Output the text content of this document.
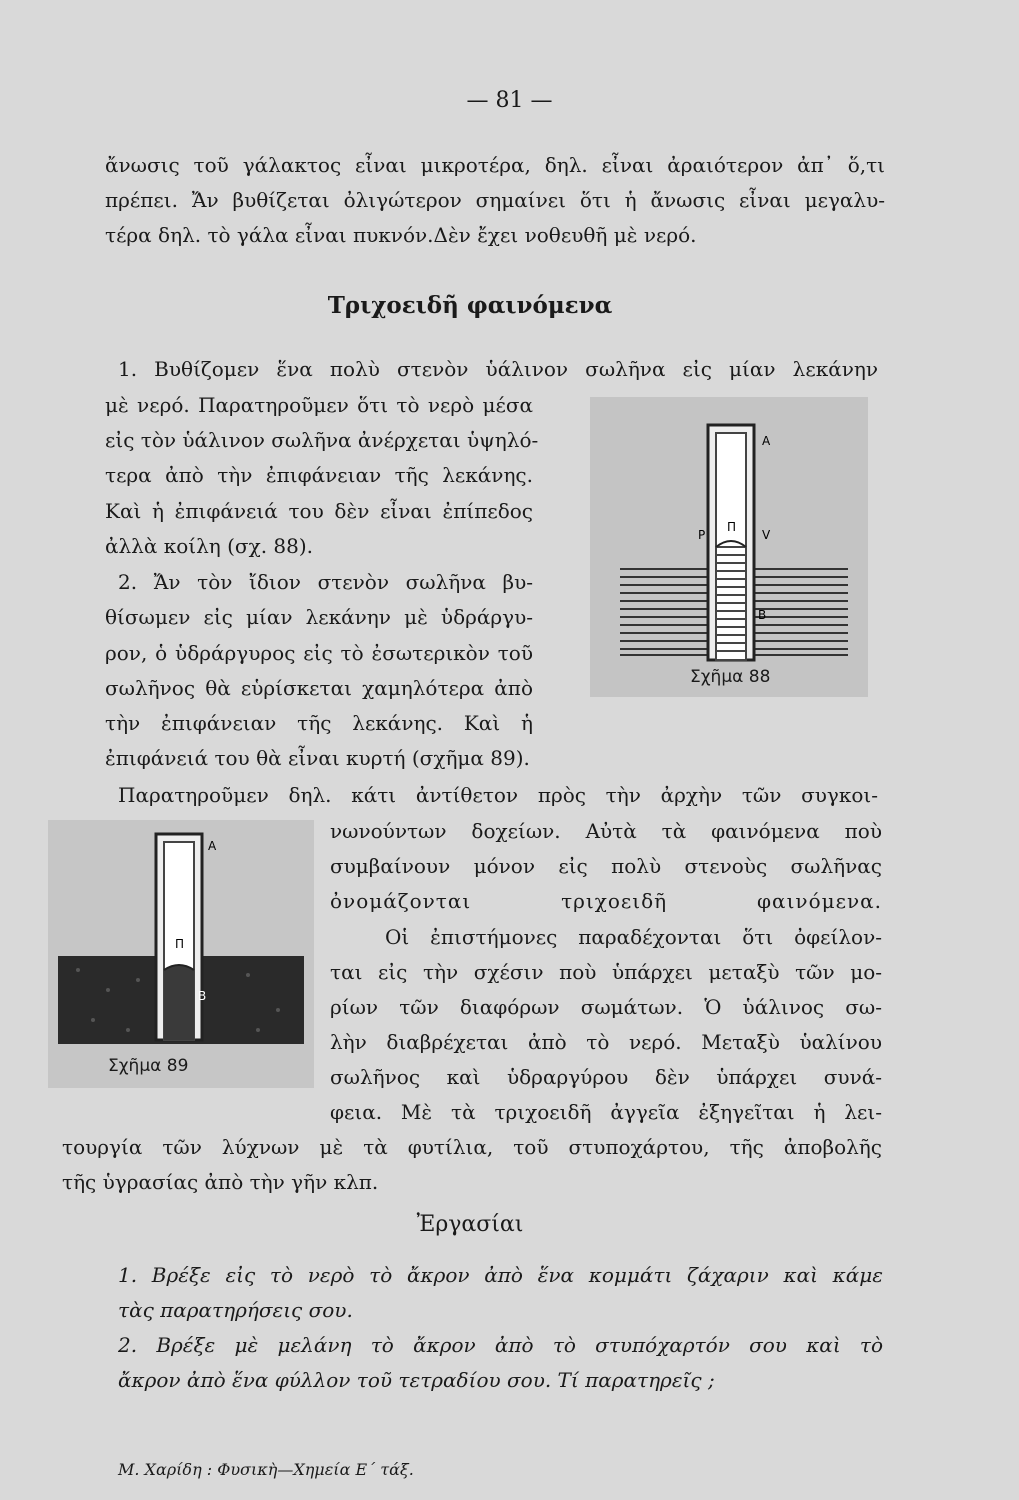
— 81 —
ἄνωσις τοῦ γάλακτος εἶναι μικροτέρα, δηλ. εἶναι ἀραιότερον ἀπ᾽ ὅ,τι
πρέπει. Ἄν βυθίζεται ὀλιγώτερον σημαίνει ὅτι ἡ ἄνωσις εἶναι μεγαλυ-
τέρα δηλ. τὸ γάλα εἶναι πυκνόν.Δὲν ἔχει νοθευθῆ μὲ νερό.
Τριχοειδῆ φαινόμενα
1. Βυθίζομεν ἕνα πολὺ στενὸν ὑάλινον σωλῆνα εἰς μίαν λεκάνην
μὲ νερό. Παρατηροῦμεν ὅτι τὸ νερὸ μέσα
εἰς τὸν ὑάλινον σωλῆνα ἀνέρχεται ὑψηλό-
τερα ἀπὸ τὴν ἐπιφάνειαν τῆς λεκάνης.
Καὶ ἡ ἐπιφάνειά του δὲν εἶναι ἐπίπεδος
ἀλλὰ κοίλη (σχ. 88).
2. Ἄν τὸν ἴδιον στενὸν σωλῆνα βυ-
θίσωμεν εἰς μίαν λεκάνην μὲ ὑδράργυ-
ρον, ὁ ὑδράργυρος εἰς τὸ ἐσωτερικὸν τοῦ
σωλῆνος θὰ εὑρίσκεται χαμηλότερα ἀπὸ
τὴν ἐπιφάνειαν τῆς λεκάνης. Καὶ ἡ
ἐπιφάνειά του θὰ εἶναι κυρτή (σχῆμα 89).
A
P
Π
V
B
Σχῆμα 88
Παρατηροῦμεν δηλ. κάτι ἀντίθετον πρὸς τὴν ἀρχὴν τῶν συγκοι-
A
Π
B
Σχῆμα 89
νωνούντων δοχείων. Αὐτὰ τὰ φαινόμενα ποὺ
συμβαίνουν μόνον εἰς πολὺ στενοὺς σωλῆνας
ὀνομάζονται τριχοειδῆ φαινόμενα.
Οἱ ἐπιστήμονες παραδέχονται ὅτι ὀφείλον-
ται εἰς τὴν σχέσιν ποὺ ὑπάρχει μεταξὺ τῶν μο-
ρίων τῶν διαφόρων σωμάτων. Ὁ ὑάλινος σω-
λὴν διαβρέχεται ἀπὸ τὸ νερό. Μεταξὺ ὑαλίνου
σωλῆνος καὶ ὑδραργύρου δὲν ὑπάρχει συνά-
φεια. Μὲ τὰ τριχοειδῆ ἀγγεῖα ἐξηγεῖται ἡ λει-
τουργία τῶν λύχνων μὲ τὰ φυτίλια, τοῦ στυποχάρτου, τῆς ἀποβολῆς
τῆς ὑγρασίας ἀπὸ τὴν γῆν κλπ.
Ἐργασίαι
1. Βρέξε εἰς τὸ νερὸ τὸ ἄκρον ἀπὸ ἕνα κομμάτι ζάχαριν καὶ κάμε
τὰς παρατηρήσεις σου.
2. Βρέξε μὲ μελάνη τὸ ἄκρον ἀπὸ τὸ στυπόχαρτόν σου καὶ τὸ
ἄκρον ἀπὸ ἕνα φύλλον τοῦ τετραδίου σου. Τί παρατηρεῖς ;
Μ. Χαρίδη : Φυσικὴ—Χημεία Ε΄ τάξ.
